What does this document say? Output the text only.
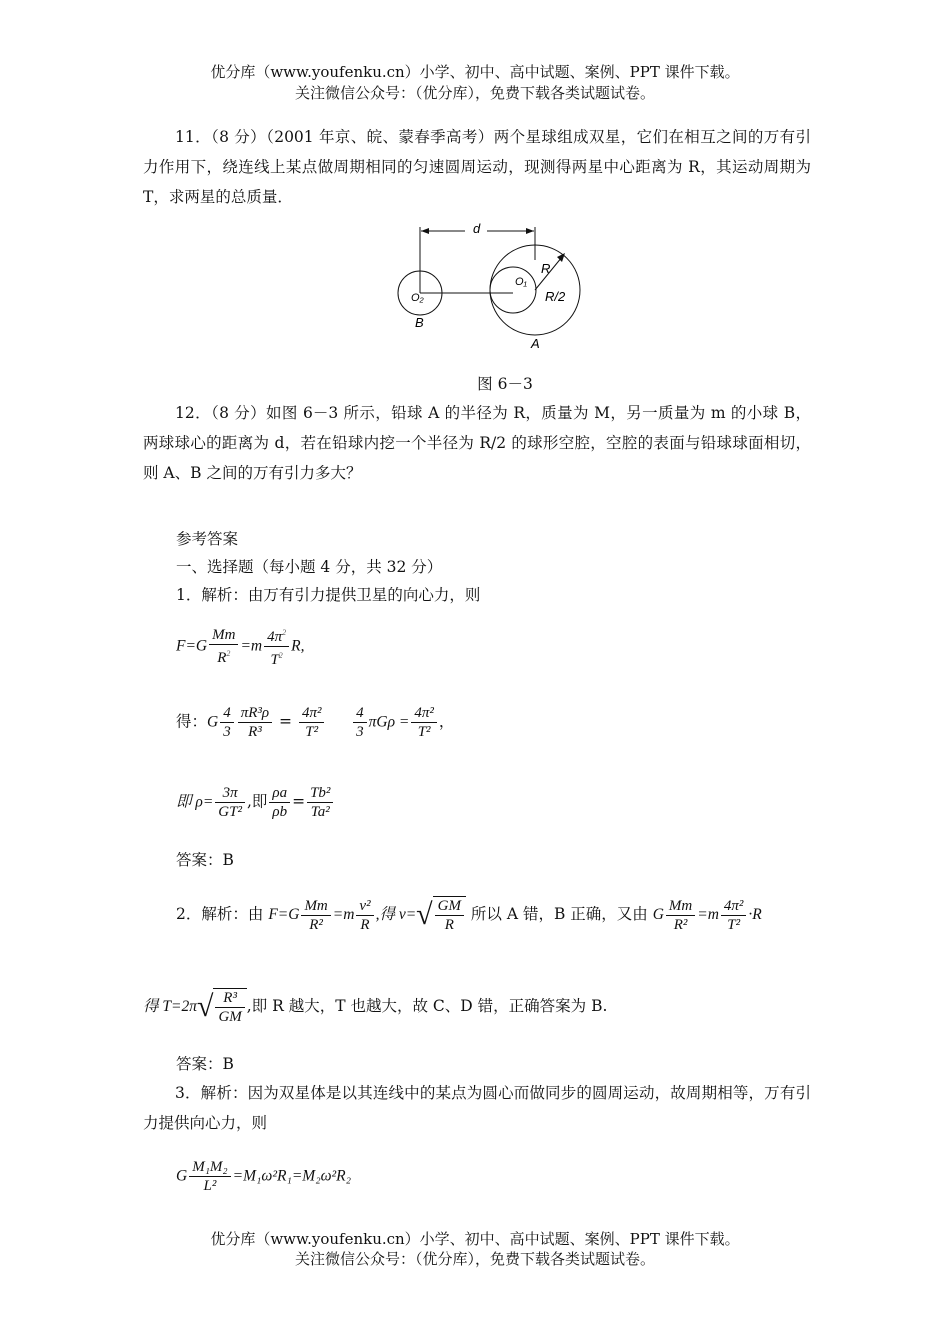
优分库（www.youfenku.cn）小学、初中、高中试题、案例、PPT 课件下载。
关注微信公众号：（优分库），免费下载各类试题试卷。
11．（8 分）（2001 年京、皖、蒙春季高考）两个星球组成双星，它们在相互之间的万有引力作用下，绕连线上某点做周期相同的匀速圆周运动，现测得两星中心距离为 R，其运动周期为 T，求两星的总质量．
d
R
O₁
O₂	R/2
B
A
图 6－3
12．（8 分）如图 6－3 所示，铅球 A 的半径为 R，质量为 M，另一质量为 m 的小球 B，两球球心的距离为 d，若在铅球内挖一个半径为 R/2 的球形空腔，空腔的表面与铅球球面相切，则 A、B 之间的万有引力多大？
参考答案
一、选择题（每小题 4 分，共 32 分）
1．解析：由万有引力提供卫星的向心力，则
$F=G \frac{Mm}{R^2} =m \frac{4\pi^2}{T^2} R$,
得：G $\frac{4}{3} \frac{\text{πR³ρ}}{\text{R³}} = \frac{\text{4π²}}{\text{T²}}$
$\frac{4}{3}$ $\pi G\rho = \frac{\text{4π²}}{\text{T²}}$ ，
即 $\rho= \frac{3\pi}{\text{GT²}}$ ,即 $\frac{\rho a}{\rho b} = \frac{\text{Tb²}}{\text{Ta²}}$
答案：B
2．解析：由 $F=G \frac{Mm}{\text{R²}} =m \frac{\text{v²}}{R}$ ,得 $v=√ \frac{GM}{R}$ 所以 A 错，B 正确，又由 G $\frac{Mm}{\text{R²}} =m \frac{\text{4π²}}{\text{T²}} \cdot R$
得 $T=2\pi√ \frac{\text{R³}}{GM}$ ,即 R 越大，T 也越大，故 C、D 错，正确答案为 B.
答案：B
3．解析：因为双星体是以其连线中的某点为圆心而做同步的圆周运动，故周期相等，万有引力提供向心力，则
G $\frac{\text{M₁M₂}}{\text{L²}} =M_1\omega^2R_1=M_2\omega^2R_2$
优分库（www.youfenku.cn）小学、初中、高中试题、案例、PPT 课件下载。
关注微信公众号：（优分库），免费下载各类试题试卷。
